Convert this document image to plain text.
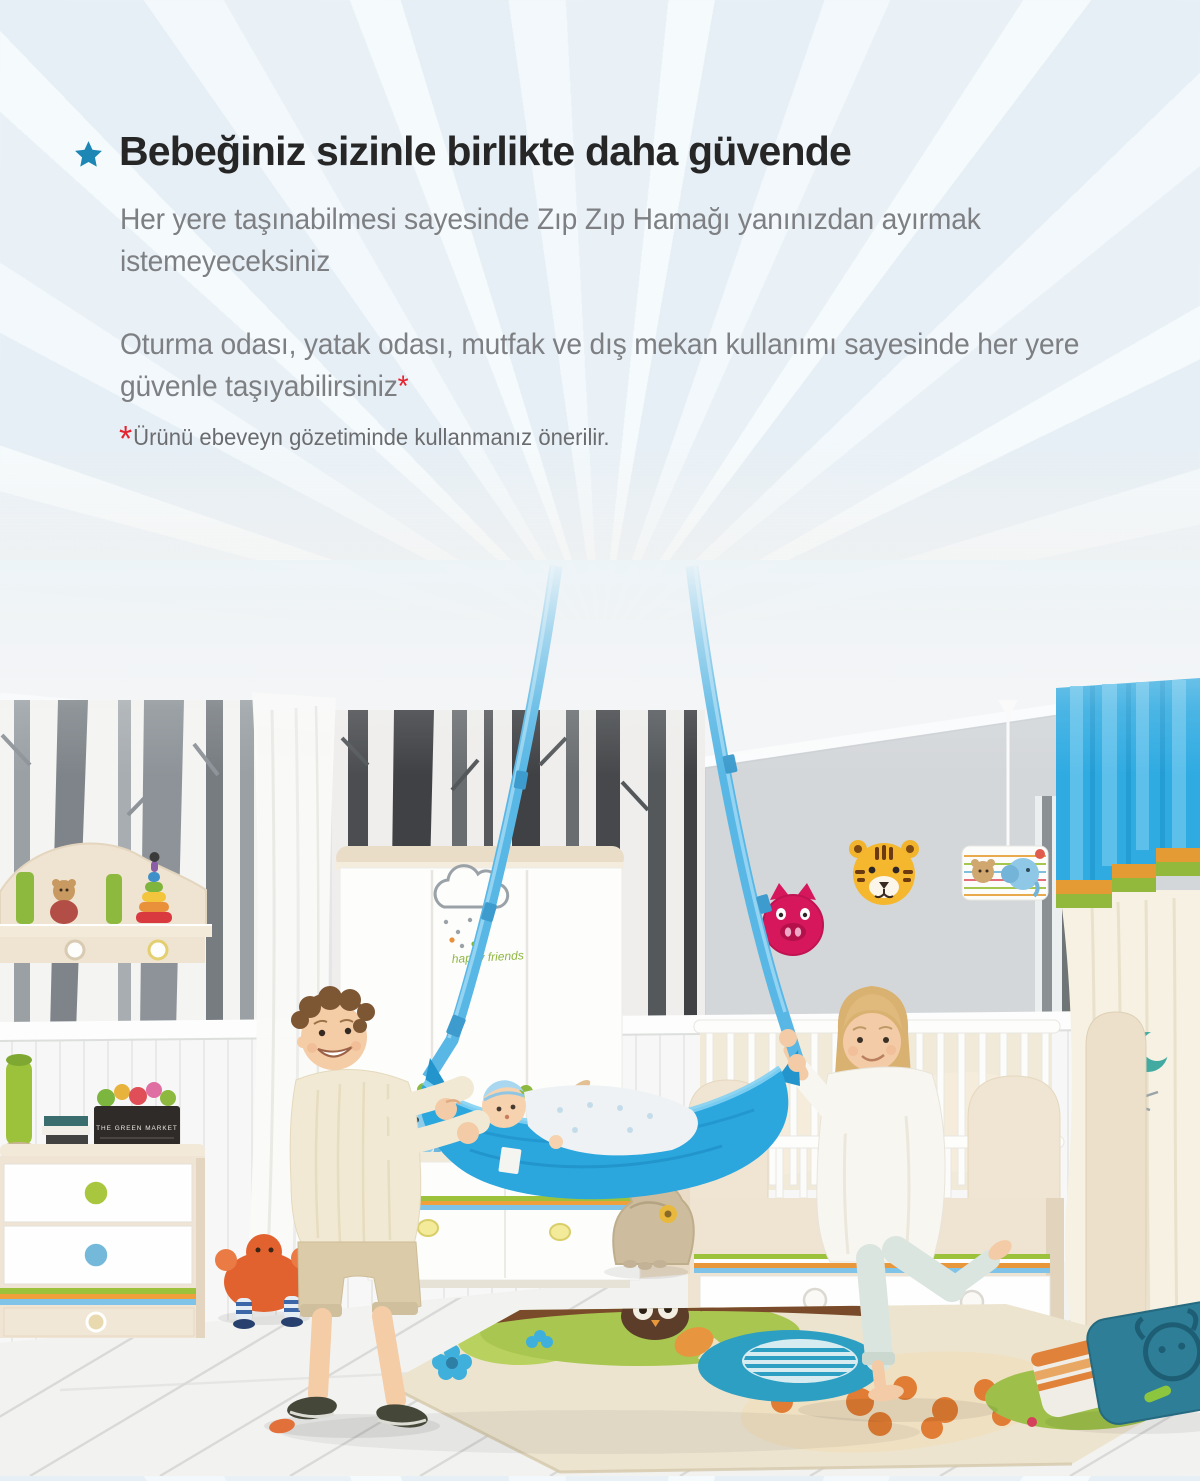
Bebeğiniz sizinle birlikte daha güvende

Her yere taşınabilmesi sayesinde Zıp Zıp Hamağı yanınızdan ayırmak istemeyeceksiniz

Oturma odası, yatak odası, mutfak ve dış mekan kullanımı sayesinde her yere güvenle taşıyabilirsiniz*

*Ürünü ebeveyn gözetiminde kullanmanız önerilir.

THE GREEN MARKET
happy friends
